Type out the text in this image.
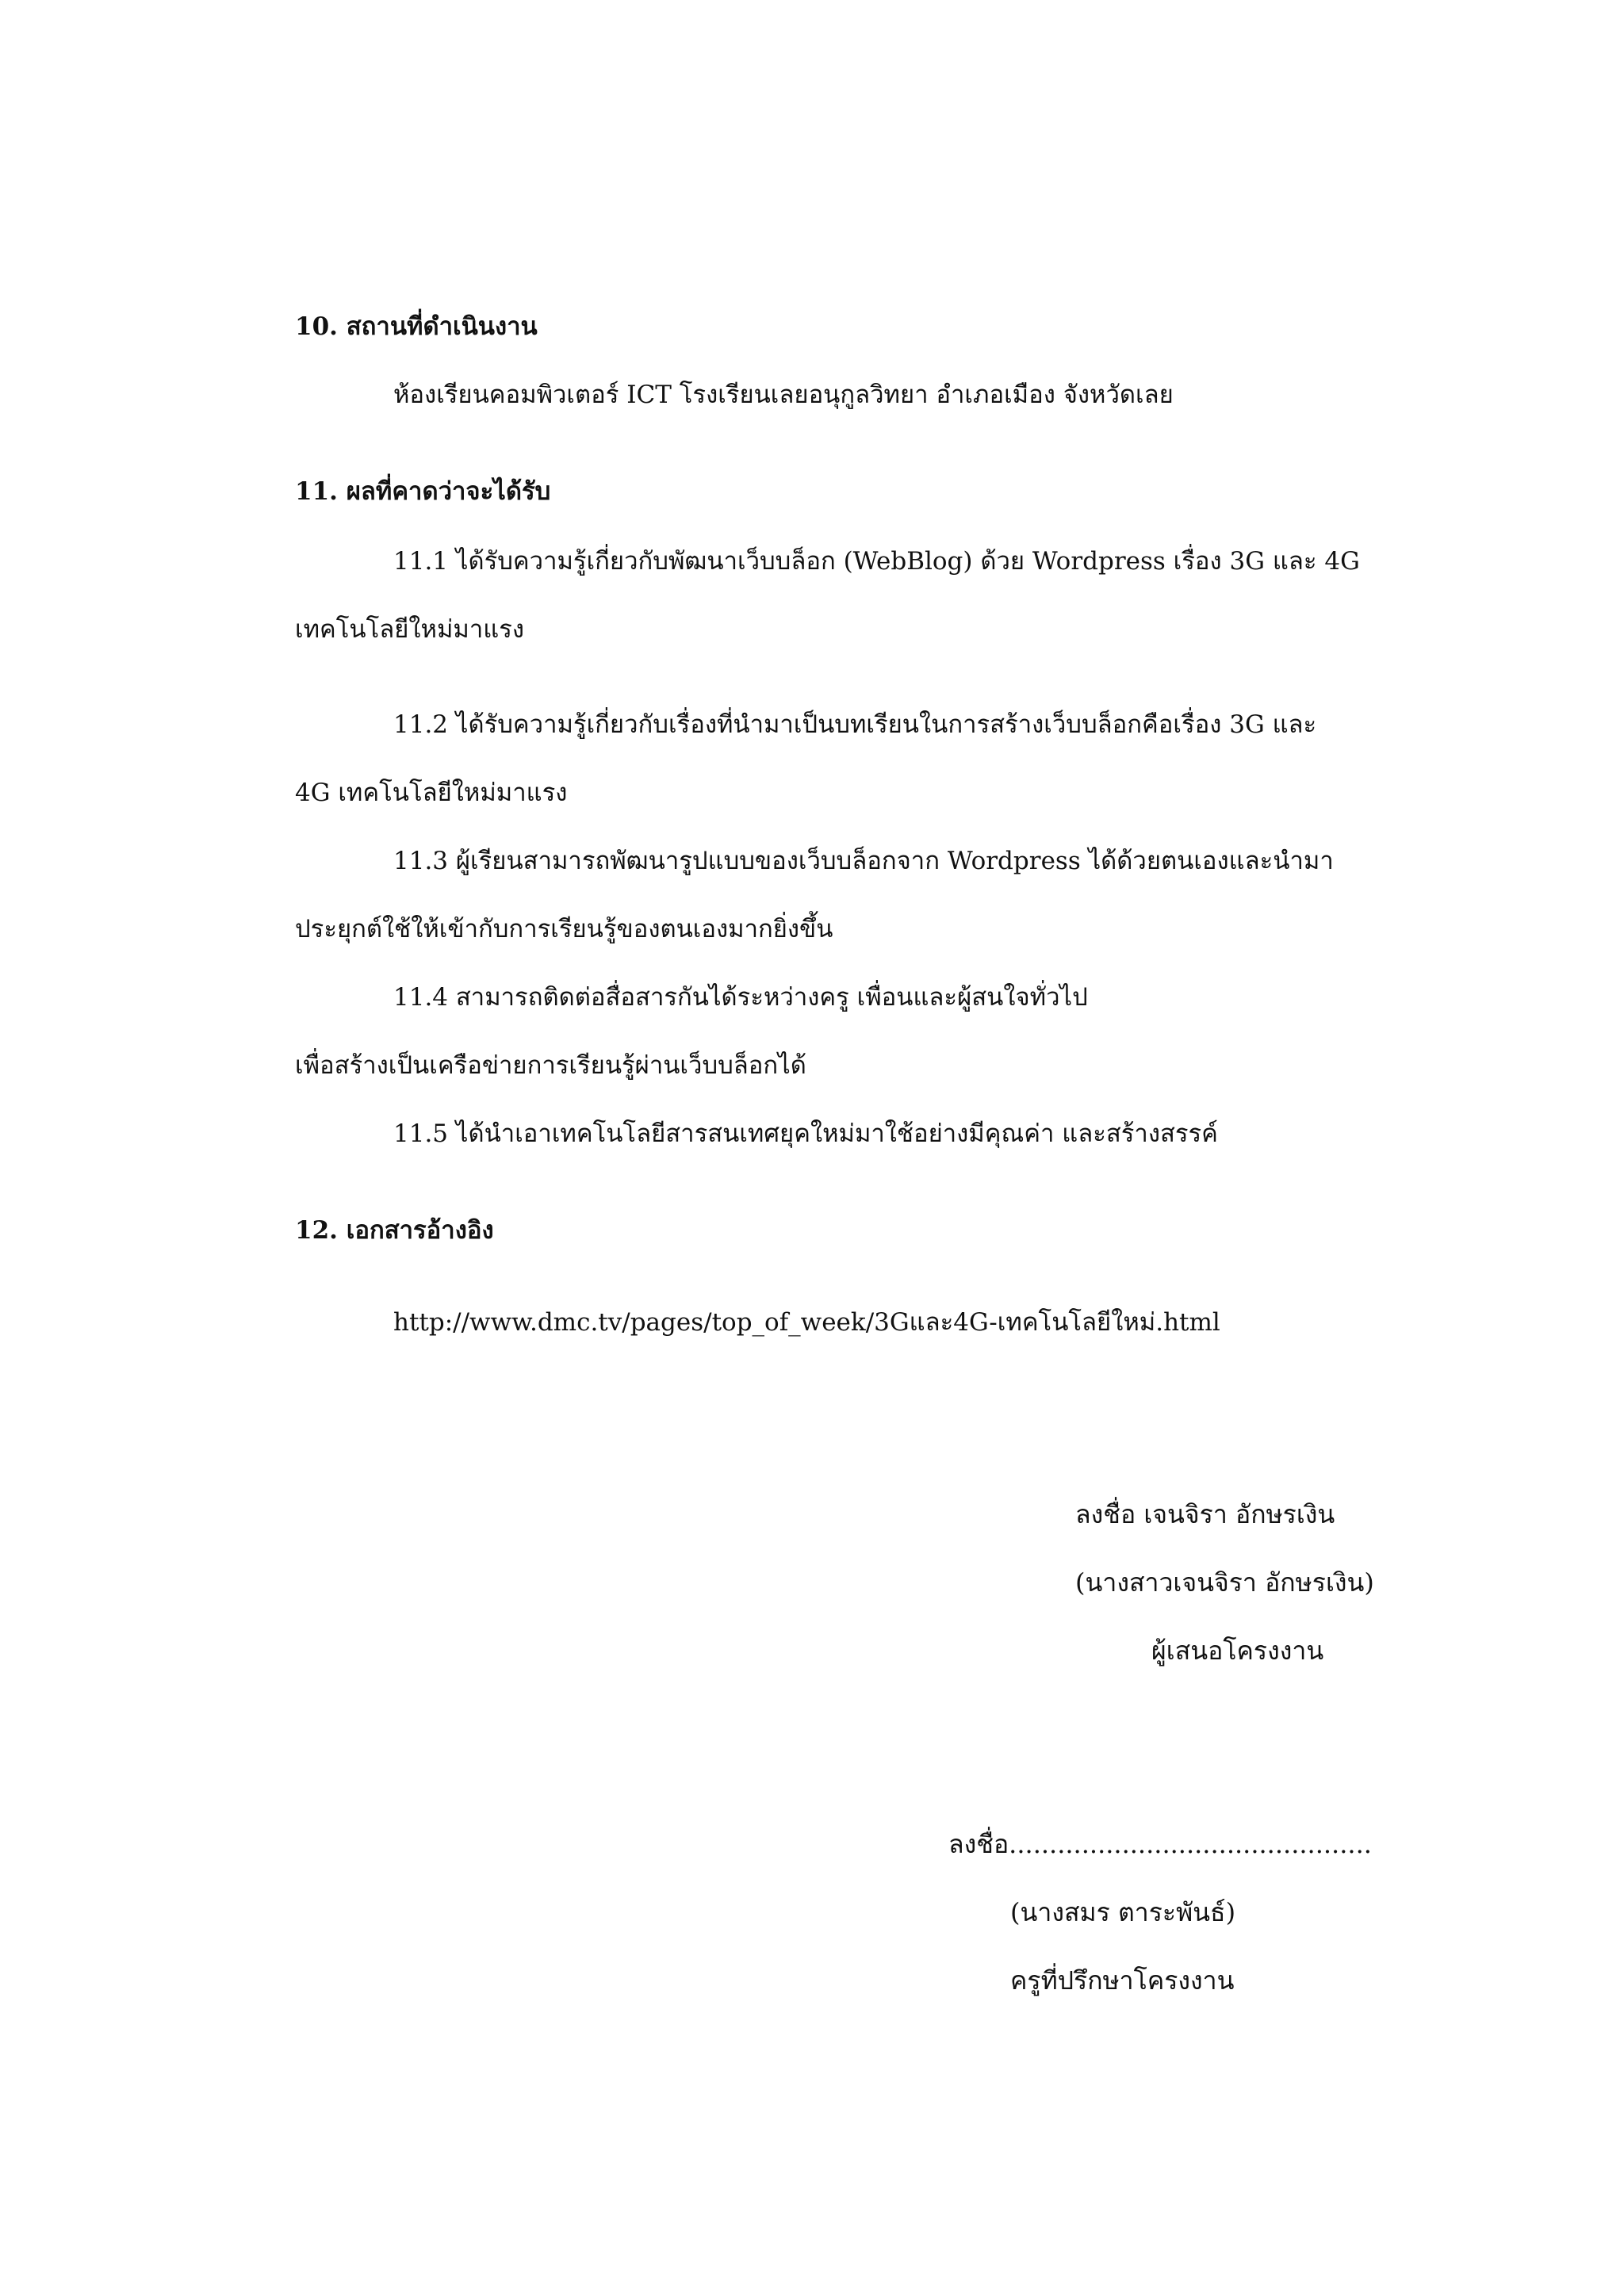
10. สถานที่ดำเนินงาน
ห้องเรียนคอมพิวเตอร์ ICT โรงเรียนเลยอนุกูลวิทยา อำเภอเมือง จังหวัดเลย
11. ผลที่คาดว่าจะได้รับ
11.1 ได้รับความรู้เกี่ยวกับพัฒนาเว็บบล็อก (WebBlog) ด้วย Wordpress เรื่อง 3G และ 4G
เทคโนโลยีใหม่มาแรง
11.2 ได้รับความรู้เกี่ยวกับเรื่องที่นำมาเป็นบทเรียนในการสร้างเว็บบล็อกคือเรื่อง 3G และ
4G เทคโนโลยีใหม่มาแรง
11.3 ผู้เรียนสามารถพัฒนารูปแบบของเว็บบล็อกจาก Wordpress ได้ด้วยตนเองและนำมา
ประยุกต์ใช้ให้เข้ากับการเรียนรู้ของตนเองมากยิ่งขึ้น
11.4 สามารถติดต่อสื่อสารกันได้ระหว่างครู เพื่อนและผู้สนใจทั่วไป
เพื่อสร้างเป็นเครือข่ายการเรียนรู้ผ่านเว็บบล็อกได้
11.5 ได้นำเอาเทคโนโลยีสารสนเทศยุคใหม่มาใช้อย่างมีคุณค่า และสร้างสรรค์
12. เอกสารอ้างอิง
http://www.dmc.tv/pages/top_of_week/3Gและ4G-เทคโนโลยีใหม่.html
ลงชื่อ เจนจิรา อักษรเงิน
(นางสาวเจนจิรา อักษรเงิน)
ผู้เสนอโครงงาน
ลงชื่อ.............................................
(นางสมร ตาระพันธ์)
ครูที่ปรึกษาโครงงาน
